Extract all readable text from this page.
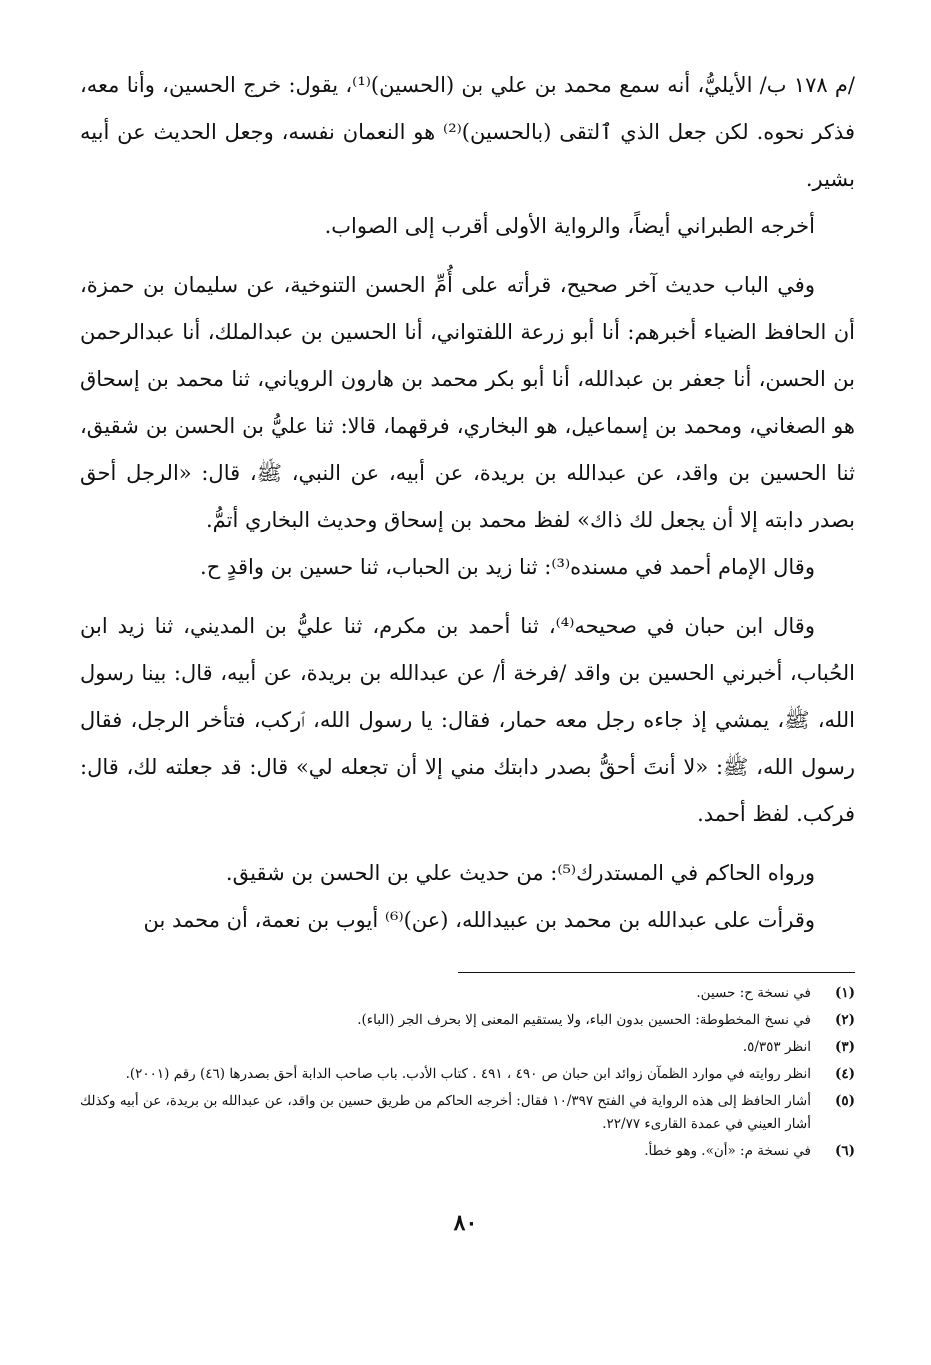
/م ١٧٨ ب/ الأيليُّ، أنه سمع محمد بن علي بن (الحسين)⁽¹⁾، يقول: خرج الحسين، وأنا معه، فذكر نحوه. لكن جعل الذي ٱلتقى (بالحسين)⁽²⁾ هو النعمان نفسه، وجعل الحديث عن أبيه بشير.

أخرجه الطبراني أيضاً، والرواية الأولى أقرب إلى الصواب.

وفي الباب حديث آخر صحيح، قرأته على أُمِّ الحسن التنوخية، عن سليمان بن حمزة، أن الحافظ الضياء أخبرهم: أنا أبو زرعة اللفتواني، أنا الحسين بن عبدالملك، أنا عبدالرحمن بن الحسن، أنا جعفر بن عبدالله، أنا أبو بكر محمد بن هارون الروياني، ثنا محمد بن إسحاق هو الصغاني، ومحمد بن إسماعيل، هو البخاري، فرقهما، قالا: ثنا عليُّ بن الحسن بن شقيق، ثنا الحسين بن واقد، عن عبدالله بن بريدة، عن أبيه، عن النبي، ﷺ، قال: «الرجل أحق بصدر دابته إلا أن يجعل لك ذاك» لفظ محمد بن إسحاق وحديث البخاري أتمُّ.

وقال الإمام أحمد في مسنده⁽³⁾: ثنا زيد بن الحباب، ثنا حسين بن واقدٍ ح.

وقال ابن حبان في صحيحه⁽⁴⁾، ثنا أحمد بن مكرم، ثنا عليُّ بن المديني، ثنا زيد ابن الحُباب، أخبرني الحسين بن واقد /فرخة أ/ عن عبدالله بن بريدة، عن أبيه، قال: بينا رسول الله، ﷺ، يمشي إذ جاءه رجل معه حمار، فقال: يا رسول الله، ٱركب، فتأخر الرجل، فقال رسول الله، ﷺ: «لا أنتَ أحقُّ بصدر دابتك مني إلا أن تجعله لي» قال: قد جعلته لك، قال: فركب. لفظ أحمد.

ورواه الحاكم في المستدرك⁽⁵⁾: من حديث علي بن الحسن بن شقيق.

وقرأت على عبدالله بن محمد بن عبيدالله، (عن)⁽⁶⁾ أيوب بن نعمة، أن محمد بن

(١)
في نسخة ح: حسين.
(٢)
في نسخ المخطوطة: الحسين بدون الباء، ولا يستقيم المعنى إلا بحرف الجر (الباء).
(٣)
انظر ٥/٣٥٣.
(٤)
انظر روايته في موارد الظمآن زوائد ابن حبان ص ٤٩٠ ، ٤٩١ . كتاب الأدب. باب صاحب الدابة أحق بصدرها (٤٦) رقم (٢٠٠١).
(٥)
أشار الحافظ إلى هذه الرواية في الفتح ١٠/٣٩٧ فقال: أخرجه الحاكم من طريق حسين بن واقد، عن عبدالله بن بريدة، عن أبيه وكذلك أشار العيني في عمدة القارىء ٢٢/٧٧.
(٦)
في نسخة م: «أن». وهو خطأ.
٨٠
